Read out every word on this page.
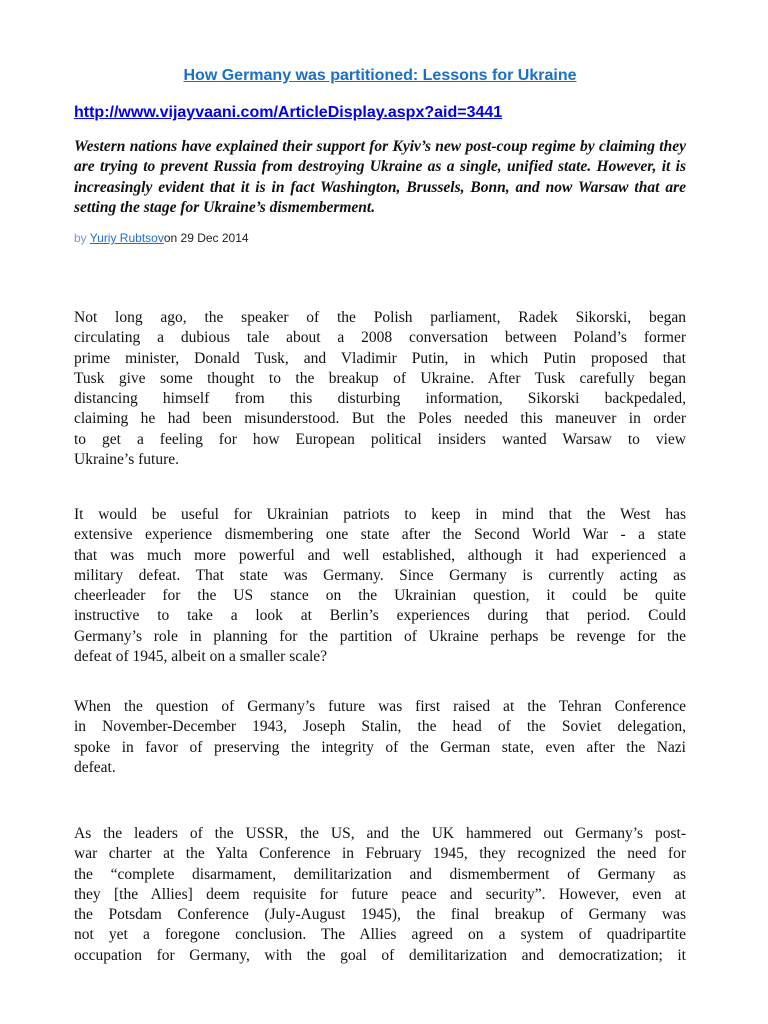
How Germany was partitioned: Lessons for Ukraine
http://www.vijayvaani.com/ArticleDisplay.aspx?aid=3441
Western nations have explained their support for Kyiv’s new post-coup regime by claiming they are trying to prevent Russia from destroying Ukraine as a single, unified state. However, it is increasingly evident that it is in fact Washington, Brussels, Bonn, and now Warsaw that are setting the stage for Ukraine’s dismemberment.
by Yuriy Rubtsovon 29 Dec 2014
Not long ago, the speaker of the Polish parliament, Radek Sikorski, began
circulating a dubious tale about a 2008 conversation between Poland’s former
prime minister, Donald Tusk, and Vladimir Putin, in which Putin proposed that
Tusk give some thought to the breakup of Ukraine. After Tusk carefully began
distancing himself from this disturbing information, Sikorski backpedaled,
claiming he had been misunderstood. But the Poles needed this maneuver in order
to get a feeling for how European political insiders wanted Warsaw to view
Ukraine’s future.
It would be useful for Ukrainian patriots to keep in mind that the West has
extensive experience dismembering one state after the Second World War - a state
that was much more powerful and well established, although it had experienced a
military defeat. That state was Germany. Since Germany is currently acting as
cheerleader for the US stance on the Ukrainian question, it could be quite
instructive to take a look at Berlin’s experiences during that period. Could
Germany’s role in planning for the partition of Ukraine perhaps be revenge for the
defeat of 1945, albeit on a smaller scale?
When the question of Germany’s future was first raised at the Tehran Conference
in November-December 1943, Joseph Stalin, the head of the Soviet delegation,
spoke in favor of preserving the integrity of the German state, even after the Nazi
defeat.
As the leaders of the USSR, the US, and the UK hammered out Germany’s post-
war charter at the Yalta Conference in February 1945, they recognized the need for
the “complete disarmament, demilitarization and dismemberment of Germany as
they [the Allies] deem requisite for future peace and security”. However, even at
the Potsdam Conference (July-August 1945), the final breakup of Germany was
not yet a foregone conclusion. The Allies agreed on a system of quadripartite
occupation for Germany, with the goal of demilitarization and democratization; it
